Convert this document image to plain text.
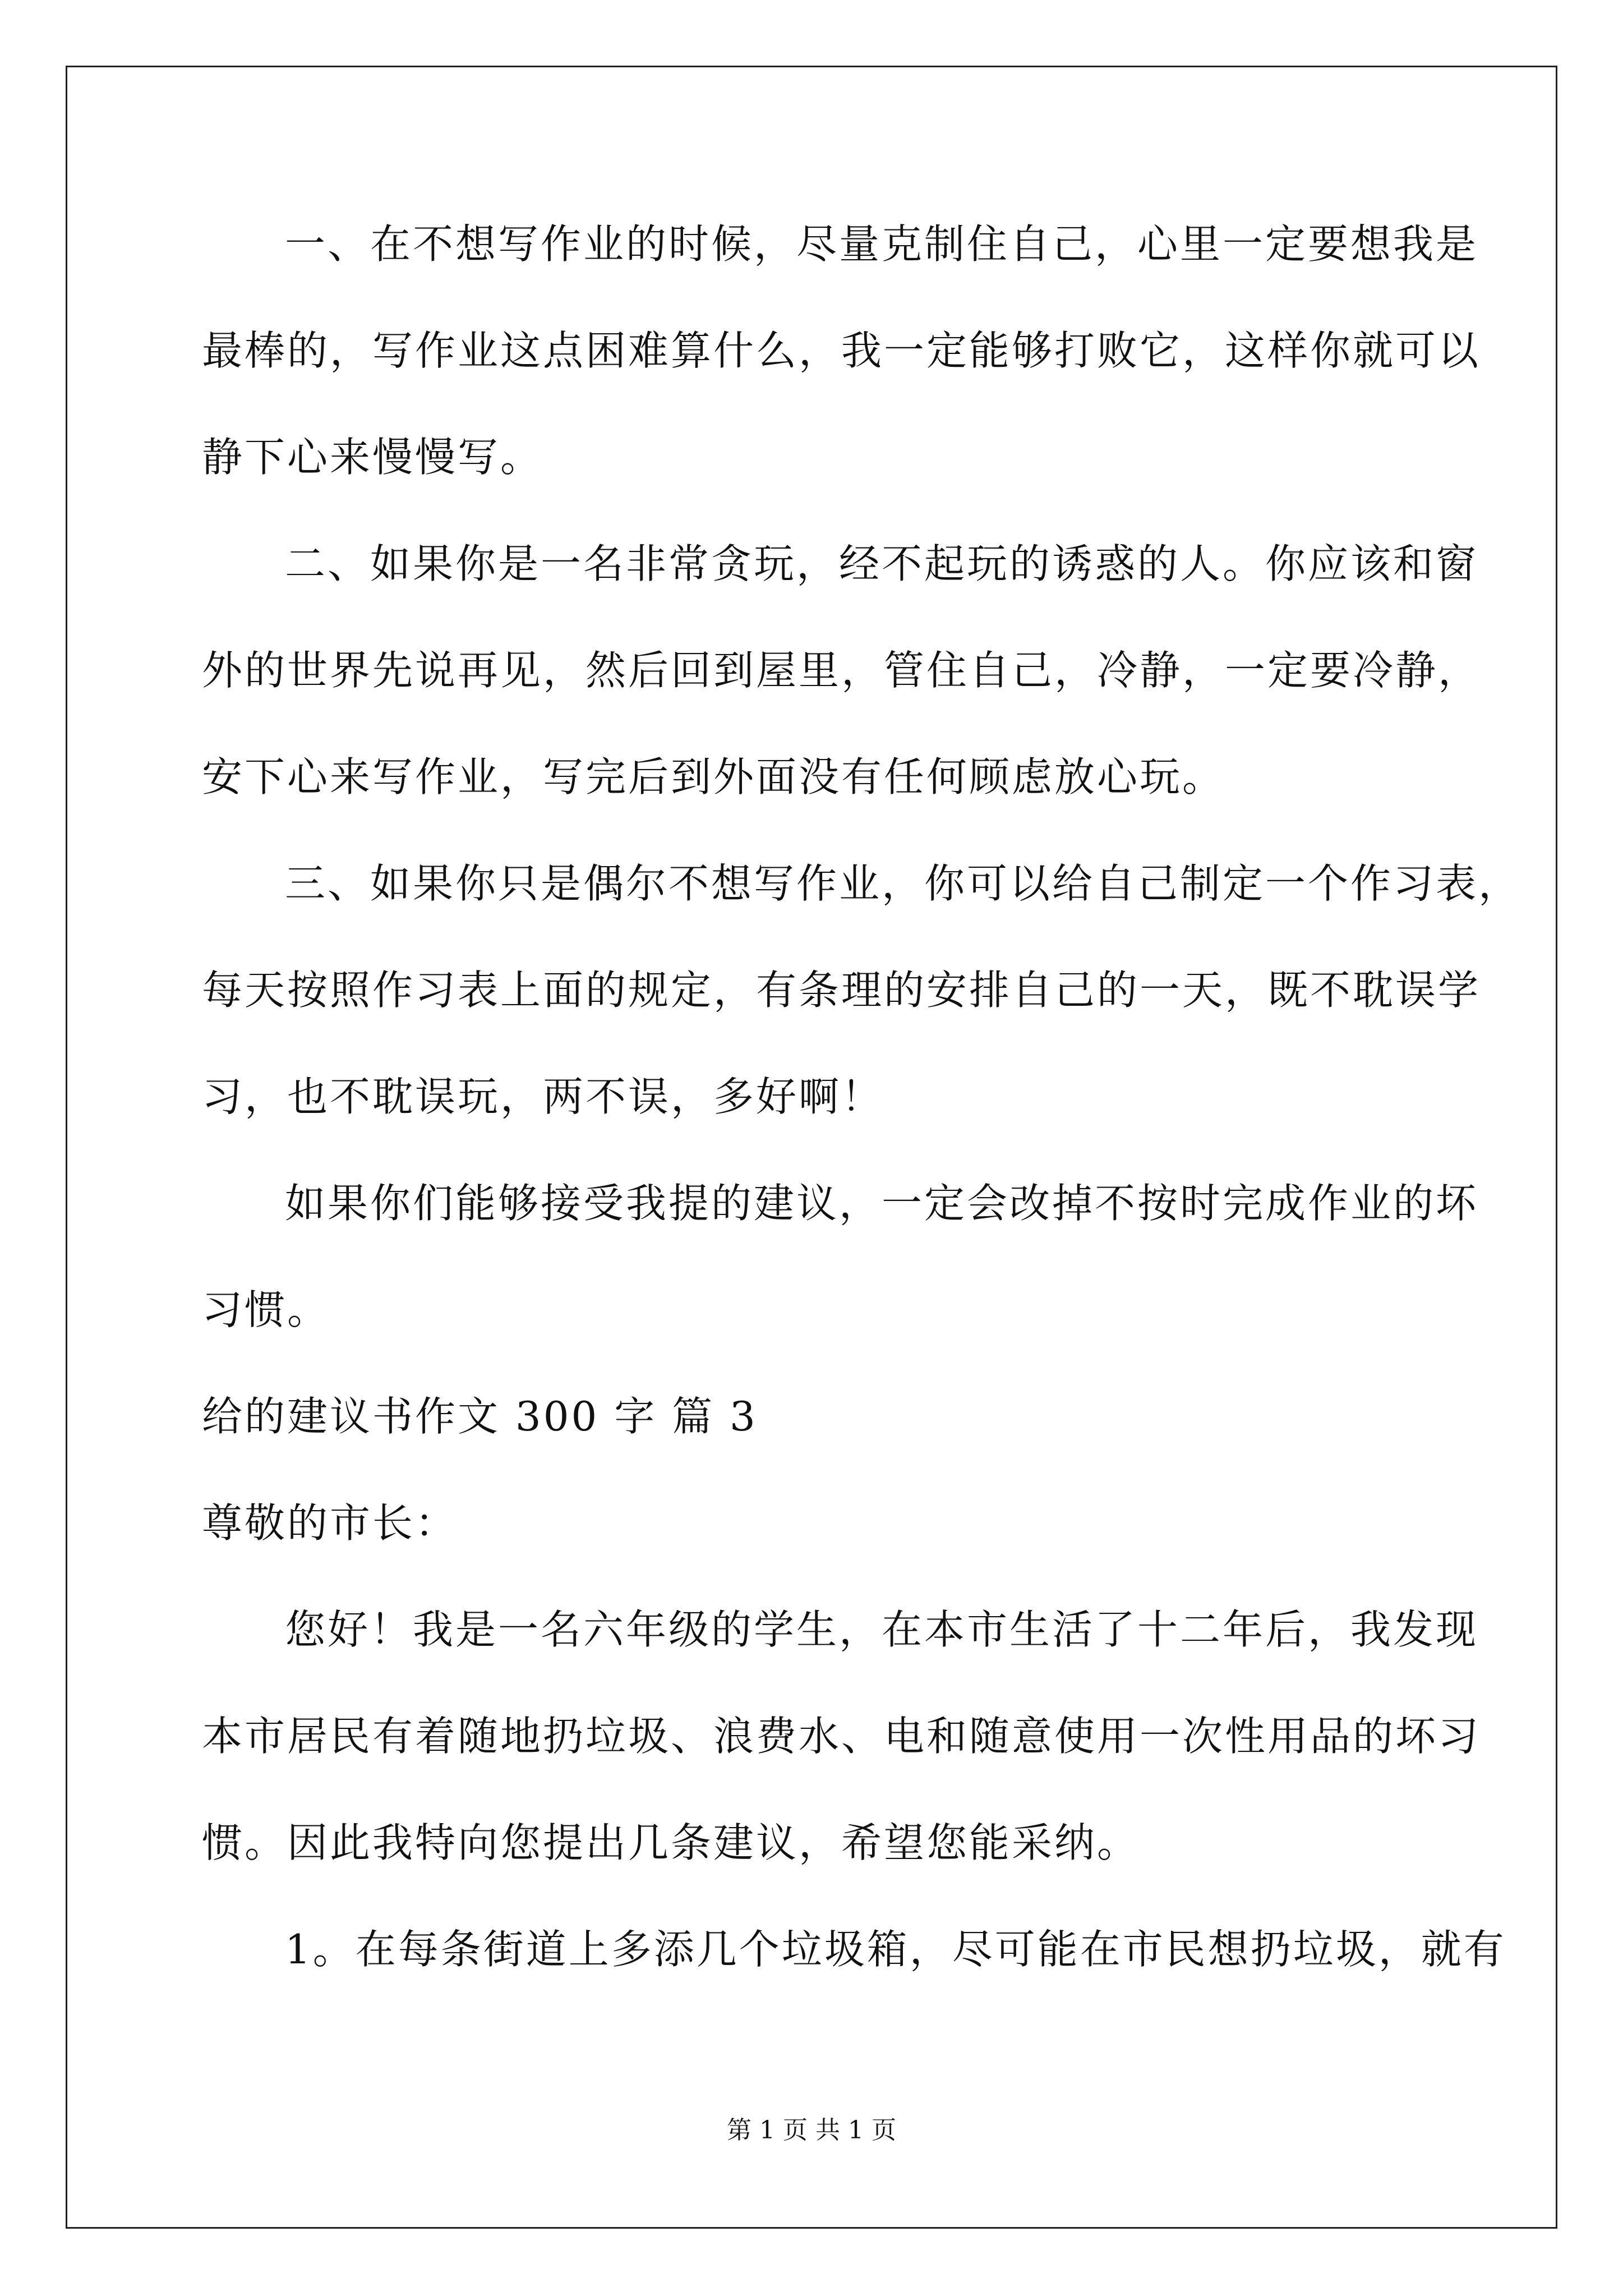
一、在不想写作业的时候，尽量克制住自己，心里一定要想我是
最棒的，写作业这点困难算什么，我一定能够打败它，这样你就可以
静下心来慢慢写。
二、如果你是一名非常贪玩，经不起玩的诱惑的人。你应该和窗
外的世界先说再见，然后回到屋里，管住自己，冷静，一定要冷静，
安下心来写作业，写完后到外面没有任何顾虑放心玩。
三、如果你只是偶尔不想写作业，你可以给自己制定一个作习表，
每天按照作习表上面的规定，有条理的安排自己的一天，既不耽误学
习，也不耽误玩，两不误，多好啊！
如果你们能够接受我提的建议，一定会改掉不按时完成作业的坏
习惯。
给的建议书作文 300 字 篇 3
尊敬的市长：
您好！我是一名六年级的学生，在本市生活了十二年后，我发现
本市居民有着随地扔垃圾、浪费水、电和随意使用一次性用品的坏习
惯。因此我特向您提出几条建议，希望您能采纳。
1。在每条街道上多添几个垃圾箱，尽可能在市民想扔垃圾，就有
第 1 页 共 1 页
